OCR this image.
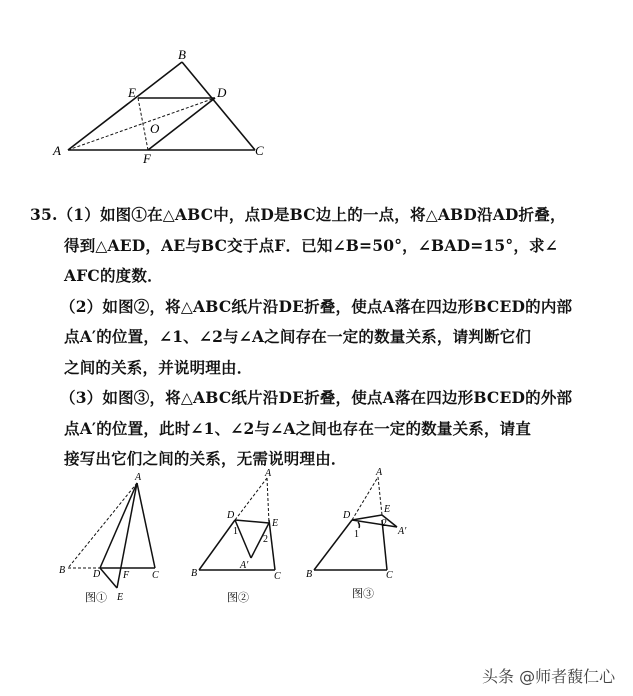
A
B
C
D
E
F
O

35.（1）如图①在△ABC中，点D是BC边上的一点，将△ABD沿AD折叠，

得到△AED，AE与BC交于点F．已知∠B=50°，∠BAD=15°，求∠

AFC的度数．

（2）如图②，将△ABC纸片沿DE折叠，使点A落在四边形BCED的内部

点A′的位置，∠1、∠2与∠A之间存在一定的数量关系，请判断它们

之间的关系，并说明理由．

（3）如图③，将△ABC纸片沿DE折叠，使点A落在四边形BCED的外部

点A′的位置，此时∠1、∠2与∠A之间也存在一定的数量关系，请直

接写出它们之间的关系，无需说明理由．

A
B	C
D
E
F
图①
A
B	C
D
E
A′
1
2
图②
A
B	C
D
E
A′
1
2
图③
头条 @师者馥仁心
